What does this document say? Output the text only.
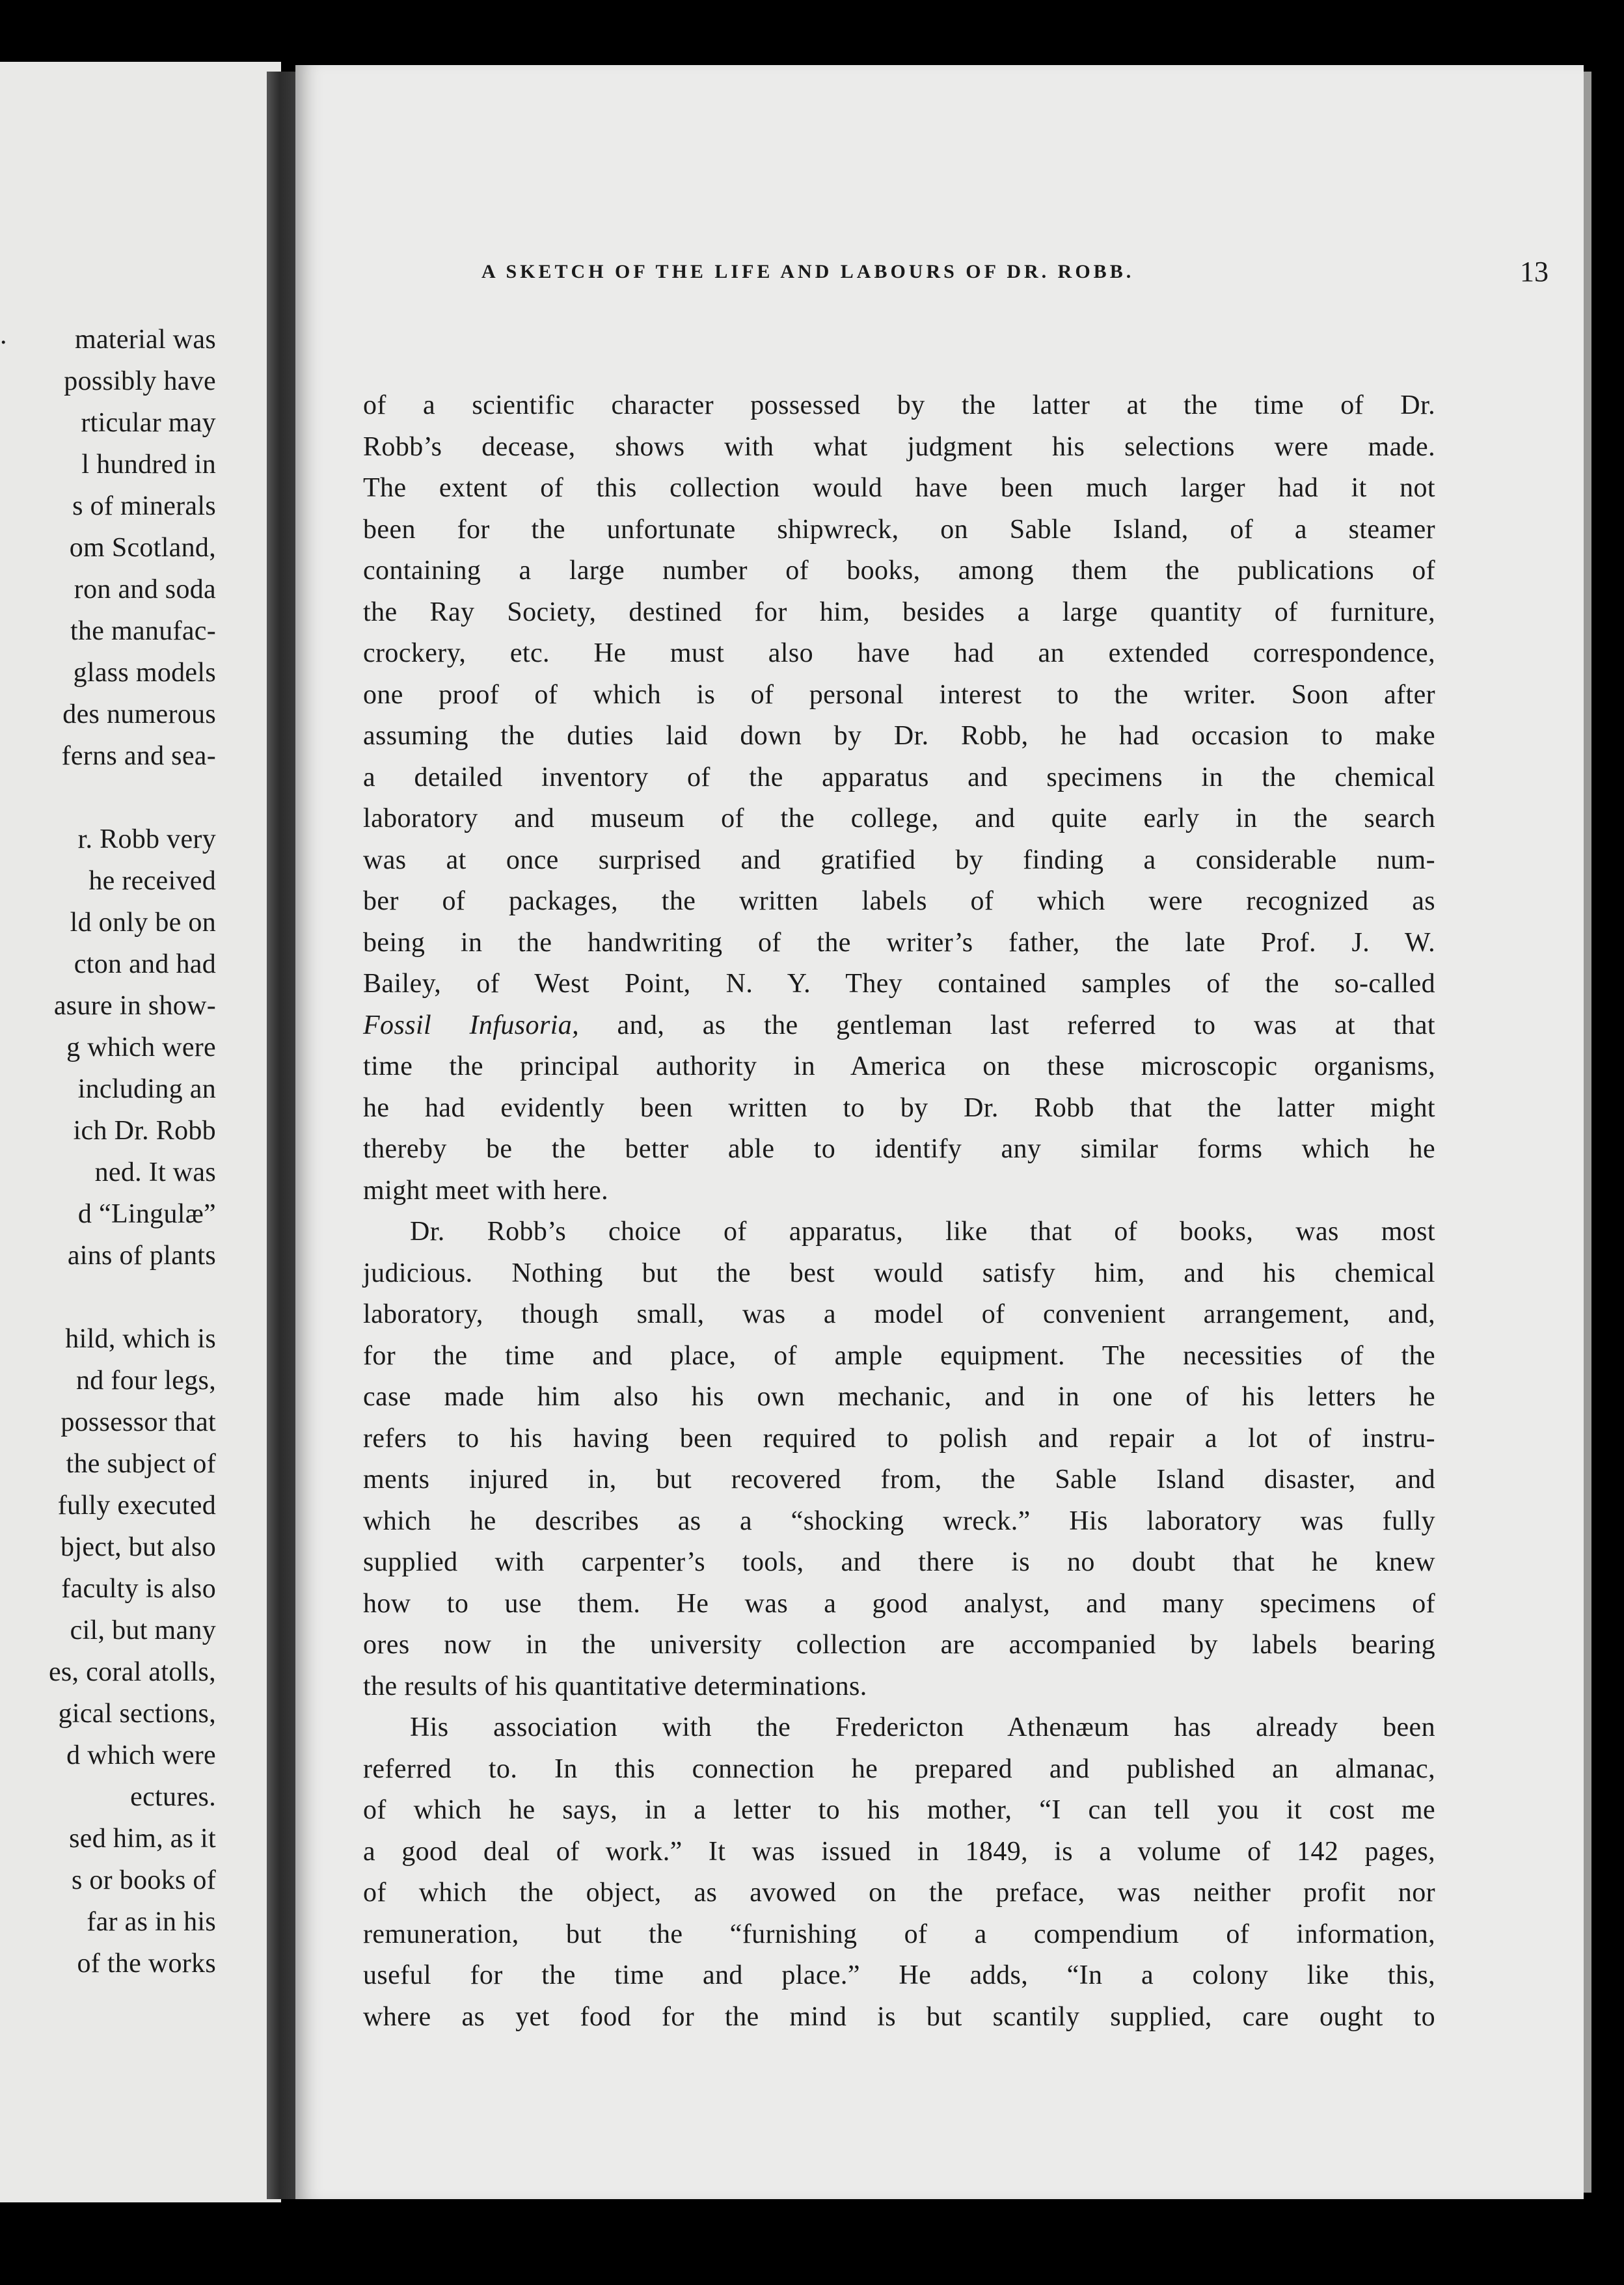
.	material was
possibly have
rticular may
l hundred in
s of minerals
om Scotland,
ron and soda
the manufac-
glass models
des numerous
ferns and sea-
r. Robb very
he received
ld only be on
cton and had
asure in show-
g which were
including an
ich Dr. Robb
ned. It was
d “Lingulæ”
ains of plants
hild, which is
nd four legs,
possessor that
the subject of
fully executed
bject, but also
faculty is also
cil, but many
es, coral atolls,
gical sections,
d which were
ectures.
sed him, as it
s or books of
far as in his
of the works
A SKETCH OF THE LIFE AND LABOURS OF DR. ROBB.	13
of a scientific character possessed by the latter at the time of Dr.
Robb’s decease, shows with what judgment his selections were made.
The extent of this collection would have been much larger had it not
been for the unfortunate shipwreck, on Sable Island, of a steamer
containing a large number of books, among them the publications of
the Ray Society, destined for him, besides a large quantity of furniture,
crockery, etc. He must also have had an extended correspondence,
one proof of which is of personal interest to the writer. Soon after
assuming the duties laid down by Dr. Robb, he had occasion to make
a detailed inventory of the apparatus and specimens in the chemical
laboratory and museum of the college, and quite early in the search
was at once surprised and gratified by finding a considerable num-
ber of packages, the written labels of which were recognized as
being in the handwriting of the writer’s father, the late Prof. J. W.
Bailey, of West Point, N. Y. They contained samples of the so-called
Fossil Infusoria, and, as the gentleman last referred to was at that
time the principal authority in America on these microscopic organisms,
he had evidently been written to by Dr. Robb that the latter might
thereby be the better able to identify any similar forms which he
might meet with here.
Dr. Robb’s choice of apparatus, like that of books, was most
judicious. Nothing but the best would satisfy him, and his chemical
laboratory, though small, was a model of convenient arrangement, and,
for the time and place, of ample equipment. The necessities of the
case made him also his own mechanic, and in one of his letters he
refers to his having been required to polish and repair a lot of instru-
ments injured in, but recovered from, the Sable Island disaster, and
which he describes as a “shocking wreck.” His laboratory was fully
supplied with carpenter’s tools, and there is no doubt that he knew
how to use them. He was a good analyst, and many specimens of
ores now in the university collection are accompanied by labels bearing
the results of his quantitative determinations.
His association with the Fredericton Athenæum has already been
referred to. In this connection he prepared and published an almanac,
of which he says, in a letter to his mother, “I can tell you it cost me
a good deal of work.” It was issued in 1849, is a volume of 142 pages,
of which the object, as avowed on the preface, was neither profit nor
remuneration, but the “furnishing of a compendium of information,
useful for the time and place.” He adds, “In a colony like this,
where as yet food for the mind is but scantily supplied, care ought to
